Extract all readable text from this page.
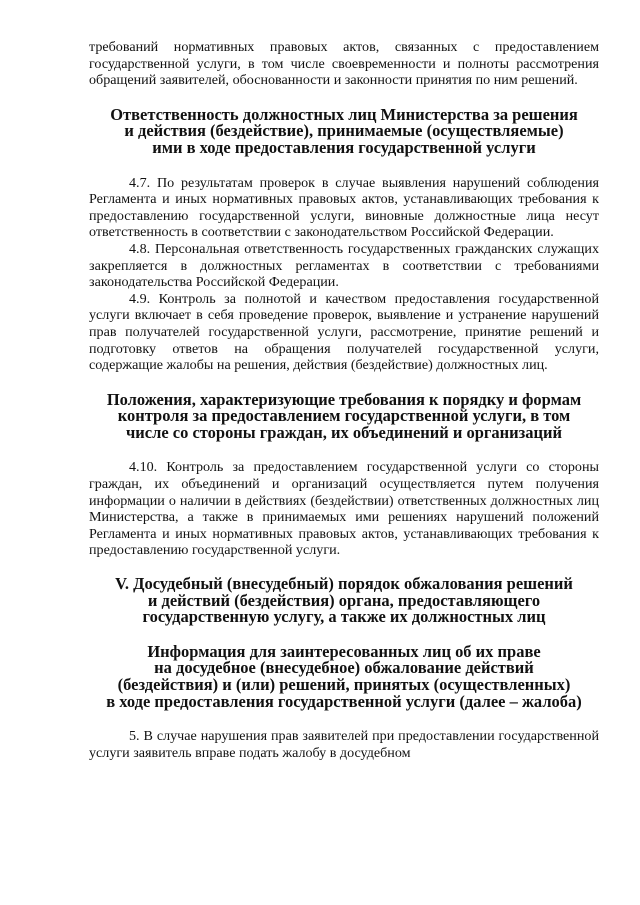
требований нормативных правовых актов, связанных с предоставлением государственной услуги, в том числе своевременности и полноты рассмотрения обращений заявителей, обоснованности и законности принятия по ним решений.

Ответственность должностных лиц Министерства за решения
и действия (бездействие), принимаемые (осуществляемые)
ими в ходе предоставления государственной услуги

4.7. По результатам проверок в случае выявления нарушений соблюдения Регламента и иных нормативных правовых актов, устанавливающих требования к предоставлению государственной услуги, виновные должностные лица несут ответственность в соответствии с законодательством Российской Федерации.

4.8. Персональная ответственность государственных гражданских служащих закрепляется в должностных регламентах в соответствии с требованиями законодательства Российской Федерации.

4.9. Контроль за полнотой и качеством предоставления государственной услуги включает в себя проведение проверок, выявление и устранение нарушений прав получателей государственной услуги, рассмотрение, принятие решений и подготовку ответов на обращения получателей государственной услуги, содержащие жалобы на решения, действия (бездействие) должностных лиц.

Положения, характеризующие требования к порядку и формам
контроля за предоставлением государственной услуги, в том
числе со стороны граждан, их объединений и организаций

4.10. Контроль за предоставлением государственной услуги со стороны граждан, их объединений и организаций осуществляется путем получения информации о наличии в действиях (бездействии) ответственных должностных лиц Министерства, а также в принимаемых ими решениях нарушений положений Регламента и иных нормативных правовых актов, устанавливающих требования к предоставлению государственной услуги.

V. Досудебный (внесудебный) порядок обжалования решений
и действий (бездействия) органа, предоставляющего
государственную услугу, а также их должностных лиц
Информация для заинтересованных лиц об их праве
на досудебное (внесудебное) обжалование действий
(бездействия) и (или) решений, принятых (осуществленных)
в ходе предоставления государственной услуги (далее – жалоба)

5. В случае нарушения прав заявителей при предоставлении государственной услуги заявитель вправе подать жалобу в досудебном
